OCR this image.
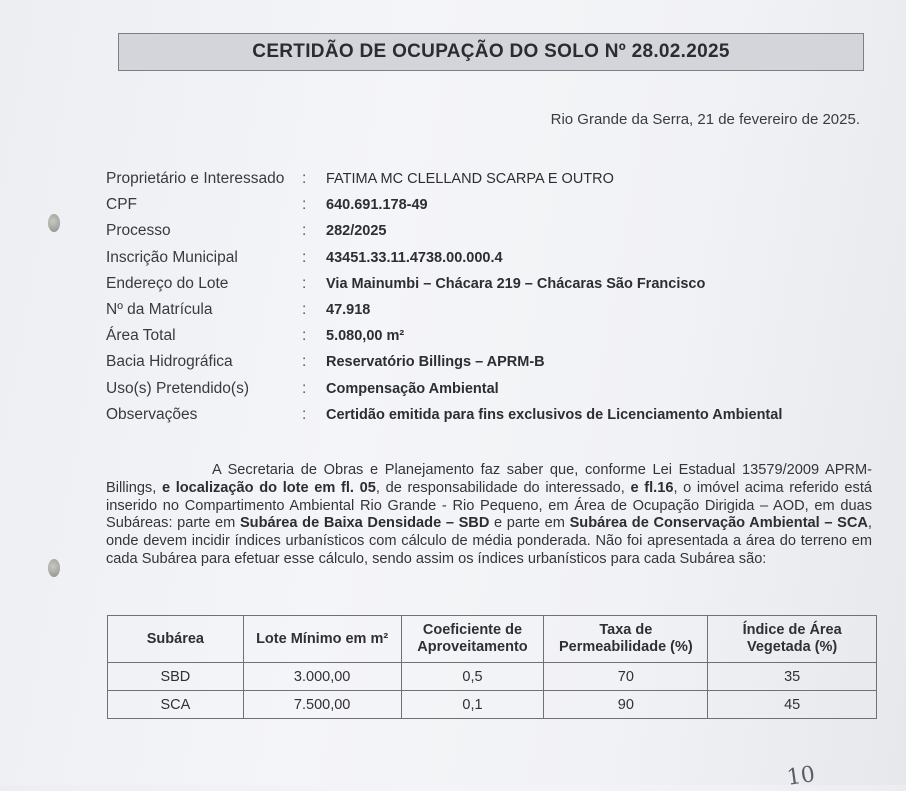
CERTIDÃO DE OCUPAÇÃO DO SOLO Nº 28.02.2025
Rio Grande da Serra, 21 de fevereiro de 2025.
Proprietário e Interessado	:	FATIMA MC CLELLAND SCARPA E OUTRO
CPF	:	640.691.178-49
Processo	:	282/2025
Inscrição Municipal	:	43451.33.11.4738.00.000.4
Endereço do Lote	:	Via Mainumbi – Chácara 219 – Chácaras São Francisco
Nº da Matrícula	:	47.918
Área Total	:	5.080,00 m²
Bacia Hidrográfica	:	Reservatório Billings – APRM-B
Uso(s) Pretendido(s)	:	Compensação Ambiental
Observações	:	Certidão emitida para fins exclusivos de Licenciamento Ambiental

A Secretaria de Obras e Planejamento faz saber que, conforme Lei Estadual 13579/2009 APRM-Billings, e localização do lote em fl. 05, de responsabilidade do interessado, e fl.16, o imóvel acima referido está inserido no Compartimento Ambiental Rio Grande - Rio Pequeno, em Área de Ocupação Dirigida – AOD, em duas Subáreas: parte em Subárea de Baixa Densidade – SBD e parte em Subárea de Conservação Ambiental – SCA, onde devem incidir índices urbanísticos com cálculo de média ponderada. Não foi apresentada a área do terreno em cada Subárea para efetuar esse cálculo, sendo assim os índices urbanísticos para cada Subárea são:

Subárea	Lote Mínimo em m²	Coeficiente de Aproveitamento	Taxa de Permeabilidade (%)	Índice de Área Vegetada (%)
SBD	3.000,00	0,5	70	35
SCA	7.500,00	0,1	90	45
10
